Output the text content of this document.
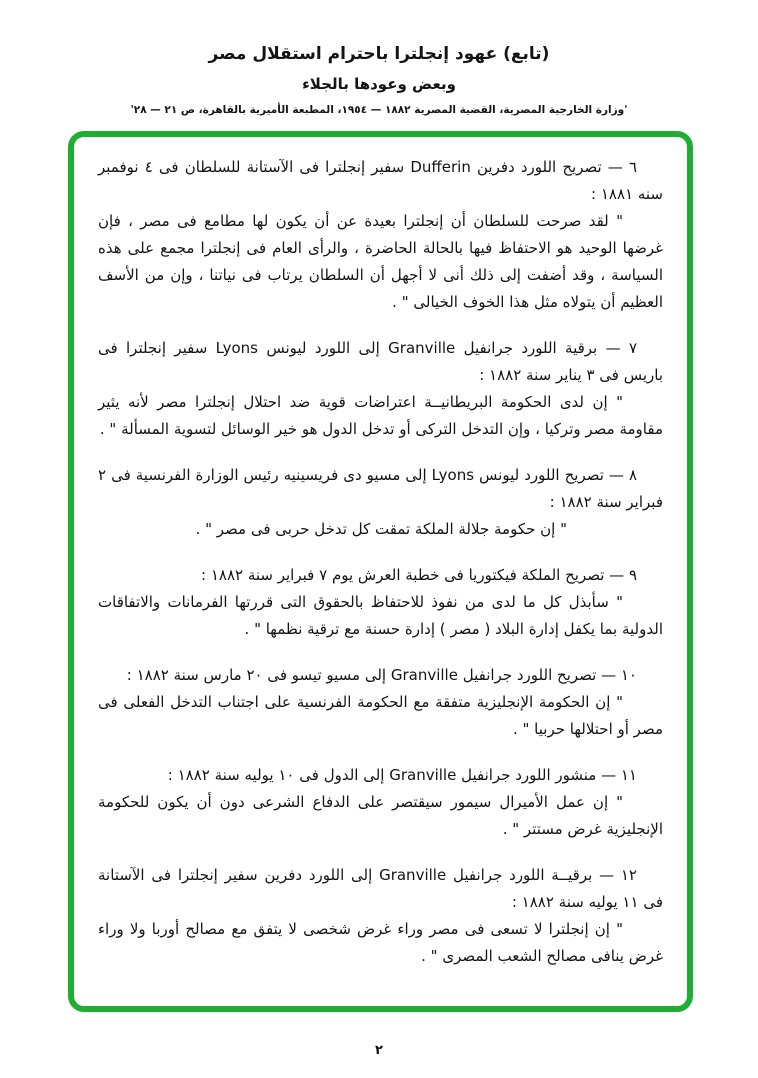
(تابع) عهود إنجلترا باحترام استقلال مصر
وبعض وعودها بالجلاء
'وزارة الخارجية المصرية، القضية المصرية ١٨٨٢ — ١٩٥٤، المطبعة الأميرية بالقاهرة، ص ٢١ — ٢٨'

٦ — تصريح اللورد دفرين Dufferin سفير إنجلترا فى الآستانة للسلطان فى ٤ نوفمبر سنه ١٨٨١ :

" لقد صرحت للسلطان أن إنجلترا بعيدة عن أن يكون لها مطامع فى مصر ، فإن غرضها الوحيد هو الاحتفاظ فيها بالحالة الحاضرة ، والرأى العام فى إنجلترا مجمع على هذه السياسة ، وقد أضفت إلى ذلك أنى لا أجهل أن السلطان يرتاب فى نياتنا ، وإن من الأسف العظيم أن يتولاه مثل هذا الخوف الخيالى " .

٧ — برقية اللورد جرانفيل Granville إلى اللورد ليونس Lyons سفير إنجلترا فى باريس فى ٣ يناير سنة ١٨٨٢ :

" إن لدى الحكومة البريطانيــة اعتراضات قوية ضد احتلال إنجلترا مصر لأنه يثير مقاومة مصر وتركيا ، وإن التدخل التركى أو تدخل الدول هو خير الوسائل لتسوية المسألة " .

٨ — تصريح اللورد ليونس Lyons إلى مسيو دى فريسينيه رئيس الوزارة الفرنسية فى ٢ فبراير سنة ١٨٨٢ :

" إن حكومة جلالة الملكة تمقت كل تدخل حربى فى مصر " .

٩ — تصريح الملكة فيكتوريا فى خطبة العرش يوم ٧ فبراير سنة ١٨٨٢ :

" سأبذل كل ما لدى من نفوذ للاحتفاظ بالحقوق التى قررتها الفرمانات والاتفاقات الدولية بما يكفل إدارة البلاد ( مصر ) إدارة حسنة مع ترقية نظمها " .

١٠ — تصريح اللورد جرانفيل Granville إلى مسيو تيسو فى ٢٠ مارس سنة ١٨٨٢ :

" إن الحكومة الإنجليزية متفقة مع الحكومة الفرنسية على اجتناب التدخل الفعلى فى مصر أو احتلالها حربيا " .

١١ — منشور اللورد جرانفيل Granville إلى الدول فى ١٠ يوليه سنة ١٨٨٢ :

" إن عمل الأميرال سيمور سيقتصر على الدفاع الشرعى دون أن يكون للحكومة الإنجليزية غرض مستتر " .

١٢ — برقيــة اللورد جرانفيل Granville إلى اللورد دفرين سفير إنجلترا فى الآستانة فى ١١ يوليه سنة ١٨٨٢ :

" إن إنجلترا لا تسعى فى مصر وراء غرض شخصى لا يتفق مع مصالح أوربا ولا وراء غرض ينافى مصالح الشعب المصرى " .

٢
